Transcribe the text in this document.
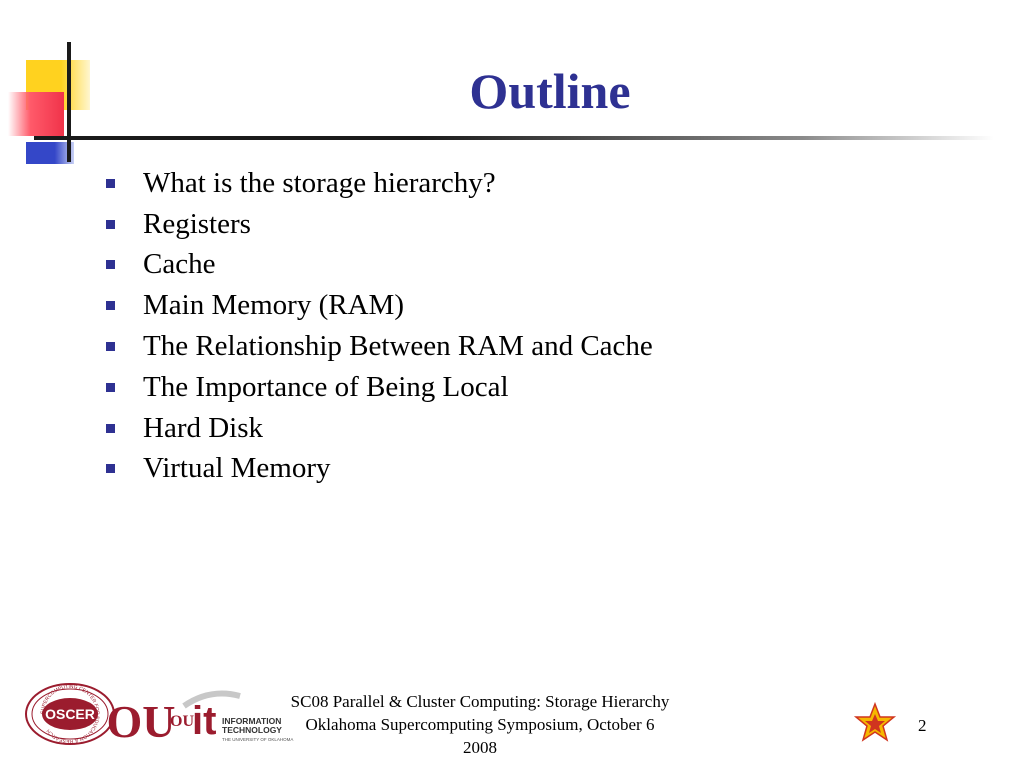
Outline
What is the storage hierarchy?
Registers
Cache
Main Memory (RAM)
The Relationship Between RAM and Cache
The Importance of Being Local
Hard Disk
Virtual Memory
OSCER
SUPERCOMPUTING CENTER FOR EDUCATION & RESEARCH	OU
OU
it INFORMATION
TECHNOLOGY
THE UNIVERSITY OF OKLAHOMA
SC08 Parallel & Cluster Computing: Storage Hierarchy
Oklahoma Supercomputing Symposium, October 6 2008
2
